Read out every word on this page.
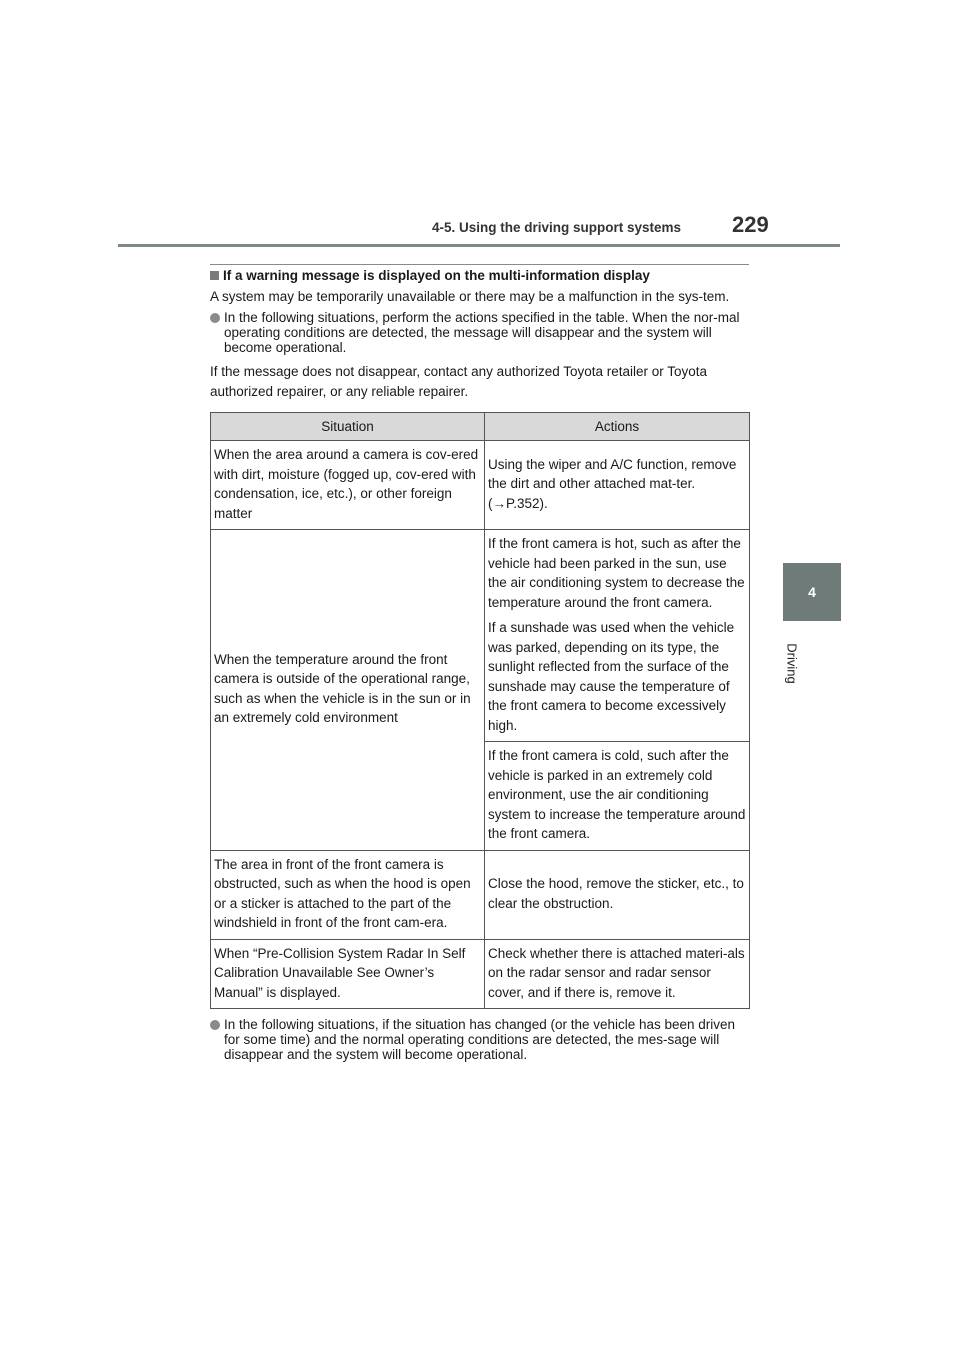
4-5. Using the driving support systems 229
4
Driving
If a warning message is displayed on the multi-information display

A system may be temporarily unavailable or there may be a malfunction in the sys-tem.

In the following situations, perform the actions specified in the table. When the nor-mal operating conditions are detected, the message will disappear and the system will become operational.

If the message does not disappear, contact any authorized Toyota retailer or Toyota authorized repairer, or any reliable repairer.

Situation	Actions
When the area around a camera is cov-ered with dirt, moisture (fogged up, cov-ered with condensation, ice, etc.), or other foreign matter	Using the wiper and A/C function, remove the dirt and other attached mat-ter. (→P.352).
When the temperature around the front camera is outside of the operational range, such as when the vehicle is in the sun or in an extremely cold environment	If the front camera is hot, such as after the vehicle had been parked in the sun, use the air conditioning system to decrease the temperature around the front camera.

If a sunshade was used when the vehicle was parked, depending on its type, the sunlight reflected from the surface of the sunshade may cause the temperature of the front camera to become excessively high.

	If the front camera is cold, such after the vehicle is parked in an extremely cold environment, use the air conditioning system to increase the temperature around the front camera.
The area in front of the front camera is obstructed, such as when the hood is open or a sticker is attached to the part of the windshield in front of the front cam-era.	Close the hood, remove the sticker, etc., to clear the obstruction.
When “Pre-Collision System Radar In Self Calibration Unavailable See Owner’s Manual” is displayed.	Check whether there is attached materi-als on the radar sensor and radar sensor cover, and if there is, remove it.
In the following situations, if the situation has changed (or the vehicle has been driven for some time) and the normal operating conditions are detected, the mes-sage will disappear and the system will become operational.
